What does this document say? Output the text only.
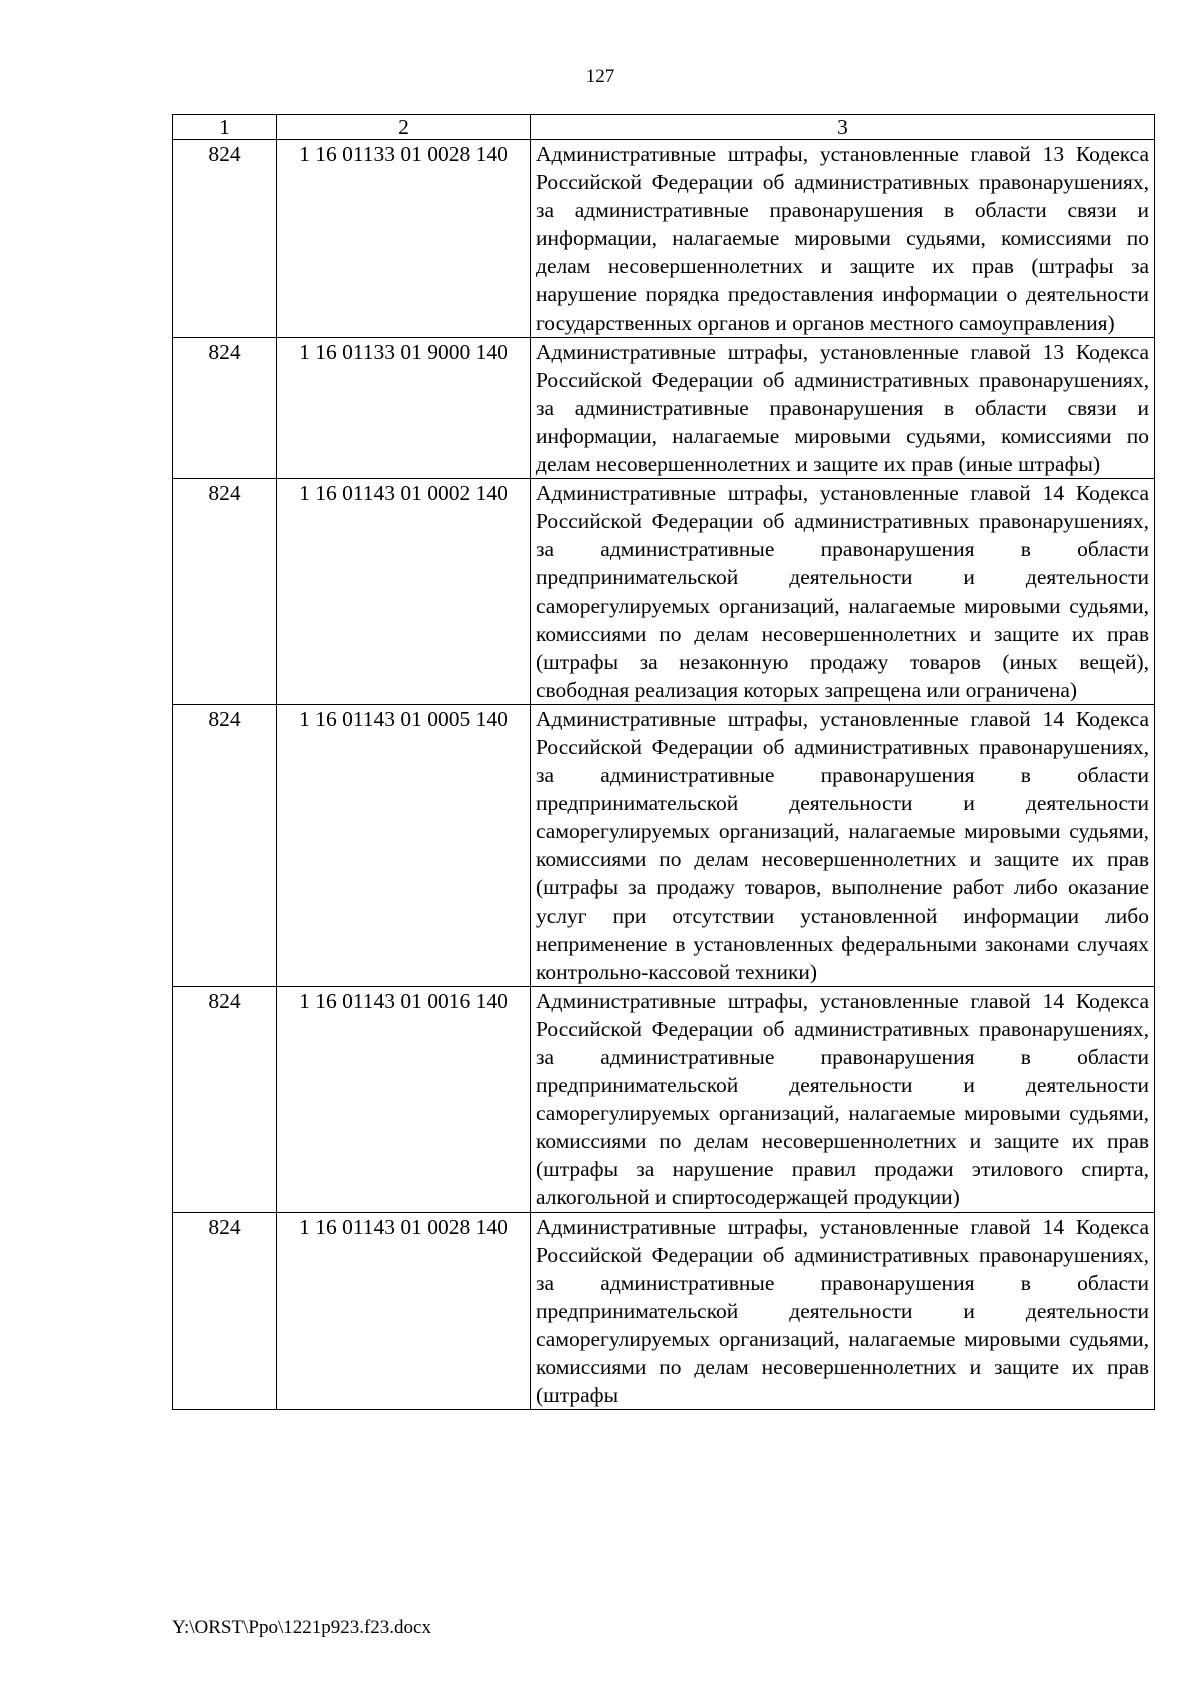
127
1	2	3
824	1 16 01133 01 0028 140	Административные штрафы, установленные главой 13 Кодекса Российской Федерации об административных правонарушениях, за административные правонарушения в области связи и информации, налагаемые мировыми судьями, комиссиями по делам несовершеннолетних и защите их прав (штрафы за нарушение порядка предоставления информации о деятельности государственных органов и органов местного самоуправления)
824	1 16 01133 01 9000 140	Административные штрафы, установленные главой 13 Кодекса Российской Федерации об административных правонарушениях, за административные правонарушения в области связи и информации, налагаемые мировыми судьями, комиссиями по делам несовершеннолетних и защите их прав (иные штрафы)
824	1 16 01143 01 0002 140	Административные штрафы, установленные главой 14 Кодекса Российской Федерации об административных правонарушениях, за административные правонарушения в области предпринимательской деятельности и деятельности саморегулируемых организаций, налагаемые мировыми судьями, комиссиями по делам несовершеннолетних и защите их прав (штрафы за незаконную продажу товаров (иных вещей), свободная реализация которых запрещена или ограничена)
824	1 16 01143 01 0005 140	Административные штрафы, установленные главой 14 Кодекса Российской Федерации об административных правонарушениях, за административные правонарушения в области предпринимательской деятельности и деятельности саморегулируемых организаций, налагаемые мировыми судьями, комиссиями по делам несовершеннолетних и защите их прав (штрафы за продажу товаров, выполнение работ либо оказание услуг при отсутствии установленной информации либо неприменение в установленных федеральными законами случаях контрольно-кассовой техники)
824	1 16 01143 01 0016 140	Административные штрафы, установленные главой 14 Кодекса Российской Федерации об административных правонарушениях, за административные правонарушения в области предпринимательской деятельности и деятельности саморегулируемых организаций, налагаемые мировыми судьями, комиссиями по делам несовершеннолетних и защите их прав (штрафы за нарушение правил продажи этилового спирта, алкогольной и спиртосодержащей продукции)
824	1 16 01143 01 0028 140	Административные штрафы, установленные главой 14 Кодекса Российской Федерации об административных правонарушениях, за административные правонарушения в области предпринимательской деятельности и деятельности саморегулируемых организаций, налагаемые мировыми судьями, комиссиями по делам несовершеннолетних и защите их прав (штрафы
Y:\ORST\Ppo\1221p923.f23.docx
